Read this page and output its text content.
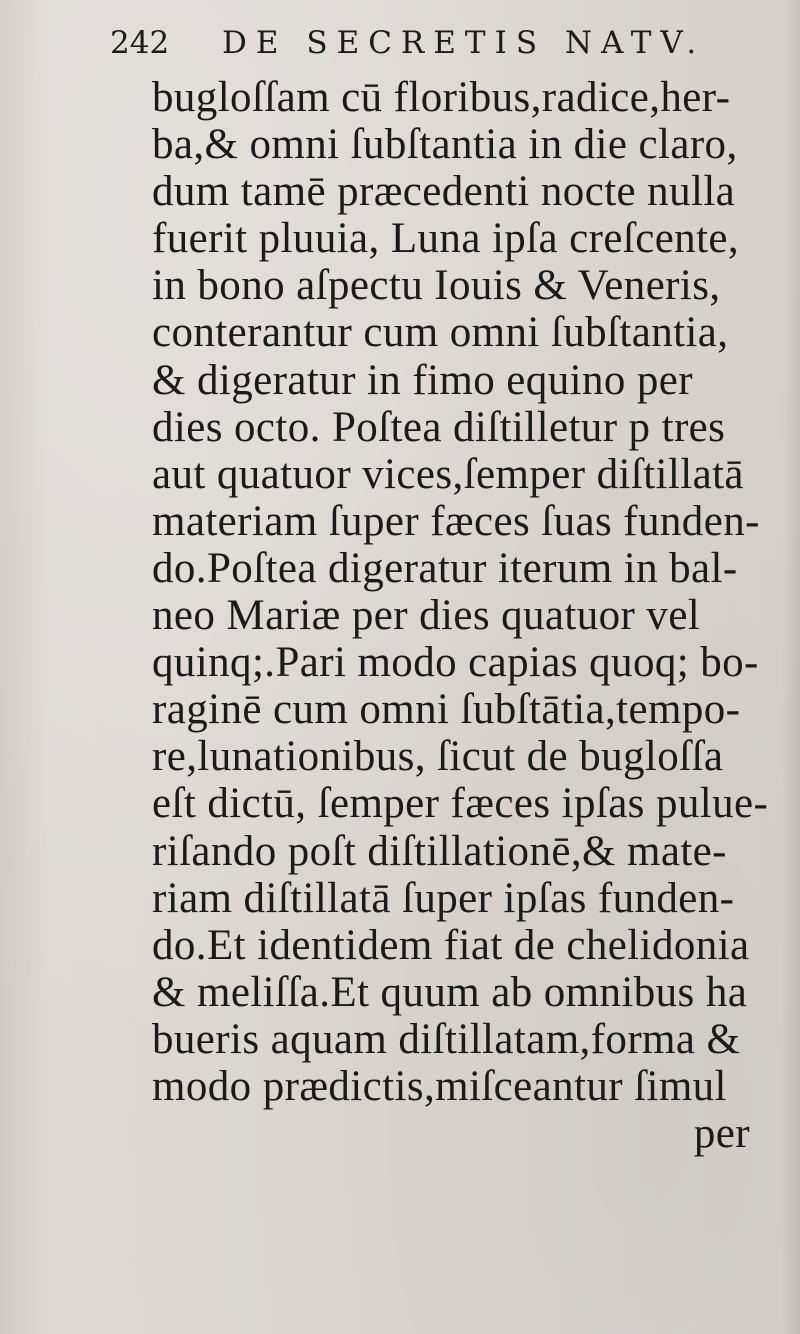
242 DE SECRETIS NATV.
bugloſſam cū floribus,radice,her-
ba,& omni ſubſtantia in die claro,
dum tamē præcedenti nocte nulla
fuerit pluuia, Luna ipſa creſcente,
in bono aſpectu Iouis & Veneris,
conterantur cum omni ſubſtantia,
& digeratur in fimo equino per
dies octo. Poſtea diſtilletur p tres
aut quatuor vices,ſemper diſtillatā
materiam ſuper fæces ſuas funden-
do.Poſtea digeratur iterum in bal-
neo Mariæ per dies quatuor vel
quinq;.Pari modo capias quoq; bo-
raginē cum omni ſubſtātia,tempo-
re,lunationibus, ſicut de bugloſſa
eſt dictū, ſemper fæces ipſas pulue-
riſando poſt diſtillationē,& mate-
riam diſtillatā ſuper ipſas funden-
do.Et identidem fiat de chelidonia
& meliſſa.Et quum ab omnibus ha
bueris aquam diſtillatam,forma &
modo prædictis,miſceantur ſimul
per
